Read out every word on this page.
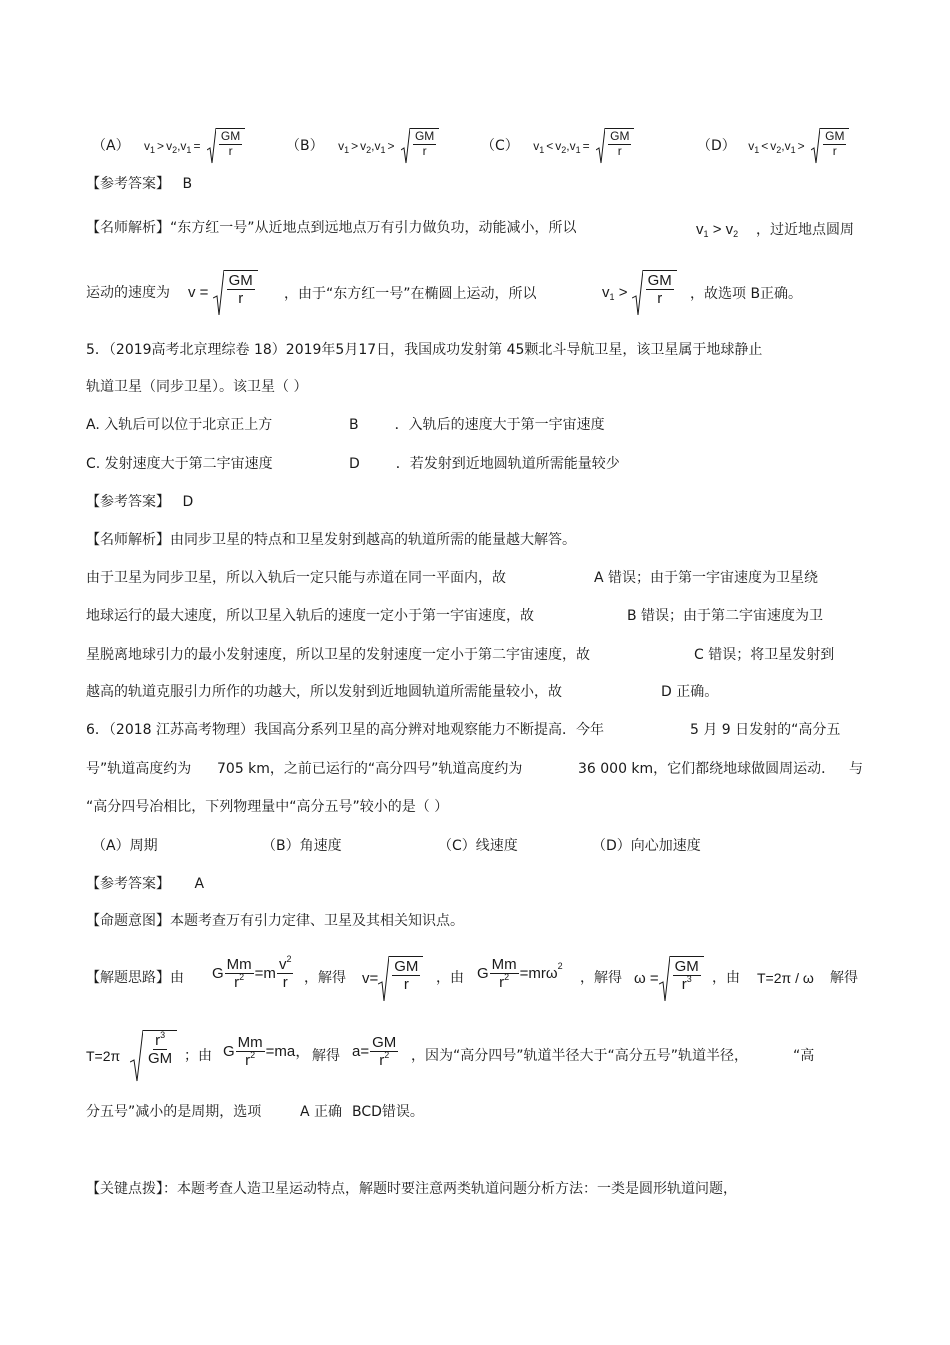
（A） $v_1 > v_2,v_1 = \frac{GM}{r}$	（B） $v_1 > v_2,v_1 > \frac{GM}{r}$	（C） $v_1 < v_2,v_1 = \frac{GM}{r}$	（D） $v_1 < v_2,v_1 > \frac{GM}{r}$
【参考答案】 B
【名师解析】“东方红一号”从近地点到远地点万有引力做负功，动能减小，所以	$v_1 > v_2$ ，过近地点圆周
运动的速度为 $v = \frac{GM}{r}$ ，由于“东方红一号”在椭圆上运动，所以	$v_1 > \frac{GM}{r}$ ，故选项 B正确。
5．（2019高考北京理综卷 18）2019年5月17日，我国成功发射第 45颗北斗导航卫星，该卫星属于地球静止
轨道卫星（同步卫星）。该卫星（ ）
A. 入轨后可以位于北京正上方	B	．入轨后的速度大于第一宇宙速度
C. 发射速度大于第二宇宙速度	D	．若发射到近地圆轨道所需能量较少
【参考答案】 D
【名师解析】由同步卫星的特点和卫星发射到越高的轨道所需的能量越大解答。
由于卫星为同步卫星，所以入轨后一定只能与赤道在同一平面内，故	A 错误；由于第一宇宙速度为卫星绕
地球运行的最大速度，所以卫星入轨后的速度一定小于第一宇宙速度，故	B 错误；由于第二宇宙速度为卫
星脱离地球引力的最小发射速度，所以卫星的发射速度一定小于第二宇宙速度，故	C 错误；将卫星发射到
越高的轨道克服引力所作的功越大，所以发射到近地圆轨道所需能量较小，故	D 正确。
6．（2018 江苏高考物理）我国高分系列卫星的高分辨对地观察能力不断提高．今年	5 月 9 日发射的“高分五
号”轨道高度约为 705 km，之前已运行的“高分四号”轨道高度约为	36 000 km，它们都绕地球做圆周运动． 与
“高分四号冶相比，下列物理量中“高分五号”较小的是（ ）
（A）周期	（B）角速度	（C）线速度	（D）向心加速度
【参考答案】 A
【命题意图】本题考查万有引力定律、卫星及其相关知识点。
【解题思路】由 G $\frac{Mm}{r^2} =m \frac{v^2}{r}$ ，解得 $v= \frac{GM}{r}$ ，由 G $\frac{Mm}{r^2} =mr\omega^2$
，解得 $\omega = \frac{GM}{r^3}$ ，由 T=2π / ω 解得
$T=2\pi \frac{r^3}{GM}$ ；由 G $\frac{Mm}{r^2} =ma$， 解得 $a= \frac{GM}{r^2}$ ，因为“高分四号”轨道半径大于“高分五号”轨道半径，	“高
分五号”减小的是周期，选项	A 正确 BCD错误。
【关键点拨】：本题考查人造卫星运动特点，解题时要注意两类轨道问题分析方法：一类是圆形轨道问题，
